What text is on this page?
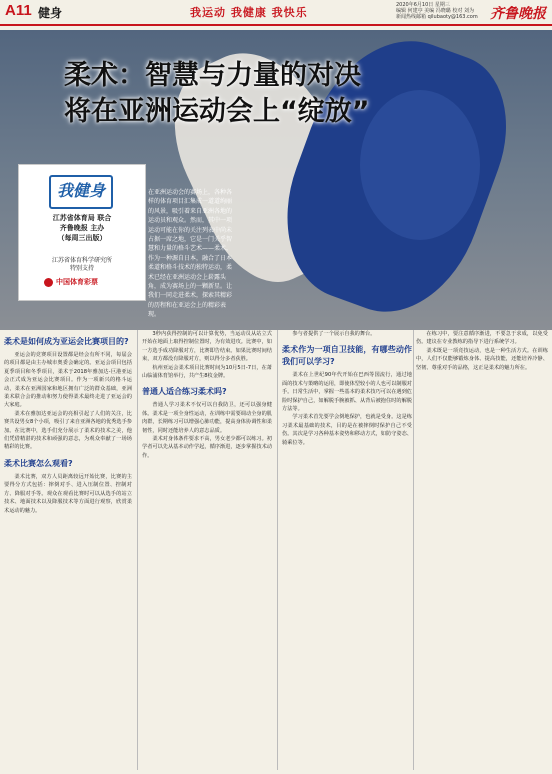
A11 健身	我运动 我健康 我快乐
2020年6月10日 星期三
编辑 何建亭 美编 冯晓璐 校对 刘为
新闻热线邮箱 qilubaoty@163.com 齐鲁晚报
柔术：智慧与力量的对决
将在亚洲运动会上“绽放”
在亚洲运动会的赛场上，各种各样的体育项目汇集成一道道绚丽的风景，吸引着来自亚洲各地的运动员和观众。然而，其中一项运动可能在你的关注列表中尚未占据一席之地，它是一门关乎智慧和力量的格斗艺术——柔术，作为一种源自日本，融合了日本柔道和格斗技术的独特运动，柔术已经在亚洲运动会上崭露头角，成为赛场上的一颗新星。让我们一同走进柔术，探索其精彩的历程和在亚运会上的精彩表现。
我健身
江苏省体育局 联合
齐鲁晚报 主办
（每周三出版）
江苏省体育科学研究所
特别支持
中国体育彩票
柔术是如何成为亚运会比赛项目的?

亚运会的竞赛项目设置都是经会有所不同，每届会的项目都是由主办城市奥委会确定的。亚运会项目包括夏季项目和冬季项目，柔术于2018年雅加达-巨港亚运会正式成为亚运会比赛项目。作为一项新兴的格斗运动，柔术在亚洲国家和地区拥有广泛的群众基础，亚洲柔术联合会的推动和努力使得柔术最终走进了亚运会的大家庭。

柔术在雅加达亚运会的亮相引起了人们的关注，比赛共设男女8个小项，吸引了来自亚洲各地的优秀选手参加。在比赛中，选手们充分展示了柔术的技术之美，他们凭借精湛的技术和顽强的意志，为观众奉献了一场场精彩的比赛。

柔术比赛怎么观看?

柔术比赛，双方人员距离较远开始比赛，比赛的主要得分方式包括：摔倒对手、进入压制位置、控制对方、降服对手等。观众在观看比赛时可以从选手的站立技术、地面技术以及降服技术等方面进行观察，欣赏柔术运动的魅力。

3秒内获得控制的可以计算优势，当运动员从站立式开始在地面上取得控制位置时，为有效进攻。比赛中，如一方选手成功降服对方，比赛即告结束。如果比赛时间结束，双方都没有降服对方，则以得分多者获胜。

杭州亚运会柔术项目比赛时间为10月5日-7日，在萧山临浦体育馆举行，共产生8枚金牌。

普通人适合练习柔术吗?

普通人学习柔术不仅可以自我防卫，还可以强身健体。柔术是一项全身性运动，在训练中需要调动全身的肌肉群，长期练习可以增强心肺功能，提高身体协调性和柔韧性，同时还能培养人的意志品质。

柔术对身体条件要求不高，男女老少都可以练习。初学者可以先从基本动作学起，循序渐进，逐步掌握技术动作。

参与者提供了一个展示自我的舞台。

柔术作为一项自卫技能，有哪些动作我们可以学习?

柔术在上世纪90年代开始在巴西等国流行，通过地面的技术与策略的运用，即使体型较小的人也可以制服对手。日常生活中，掌握一些基本的柔术技巧可以在遇到危险时保护自己，如解脱手腕被抓、从背后被抱住时的解脱方法等。

学习柔术首先要学会倒地保护，也就是受身。这是练习柔术最基础的技术，目的是在被摔倒时保护自己不受伤。其次是学习各种基本姿势和移动方式，如防守姿态、骑乘位等。

在练习中，要注意循序渐进，不要急于求成，以免受伤。建议在专业教练的指导下进行系统学习。

柔术既是一项竞技运动，也是一种生活方式。在训练中，人们不仅能够锻炼身体、提高技能，还能培养冷静、坚韧、尊重对手的品格，这正是柔术的魅力所在。
